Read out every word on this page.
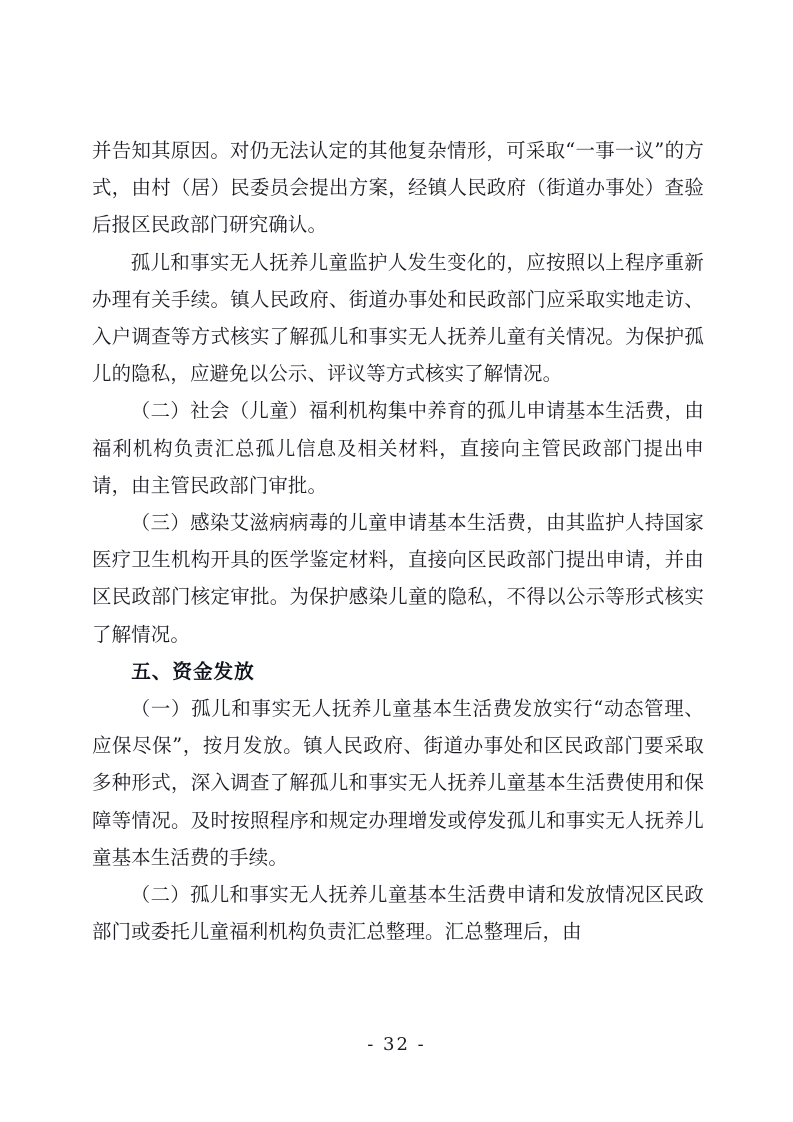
并告知其原因。对仍无法认定的其他复杂情形，可采取“一事一议”的方式，由村（居）民委员会提出方案，经镇人民政府（街道办事处）查验后报区民政部门研究确认。

孤儿和事实无人抚养儿童监护人发生变化的，应按照以上程序重新办理有关手续。镇人民政府、街道办事处和民政部门应采取实地走访、入户调查等方式核实了解孤儿和事实无人抚养儿童有关情况。为保护孤儿的隐私，应避免以公示、评议等方式核实了解情况。

（二）社会（儿童）福利机构集中养育的孤儿申请基本生活费，由福利机构负责汇总孤儿信息及相关材料，直接向主管民政部门提出申请，由主管民政部门审批。

（三）感染艾滋病病毒的儿童申请基本生活费，由其监护人持国家医疗卫生机构开具的医学鉴定材料，直接向区民政部门提出申请，并由区民政部门核定审批。为保护感染儿童的隐私，不得以公示等形式核实了解情况。

五、资金发放

（一）孤儿和事实无人抚养儿童基本生活费发放实行“动态管理、应保尽保”，按月发放。镇人民政府、街道办事处和区民政部门要采取多种形式，深入调查了解孤儿和事实无人抚养儿童基本生活费使用和保障等情况。及时按照程序和规定办理增发或停发孤儿和事实无人抚养儿童基本生活费的手续。

（二）孤儿和事实无人抚养儿童基本生活费申请和发放情况区民政部门或委托儿童福利机构负责汇总整理。汇总整理后，由

- 32 -
